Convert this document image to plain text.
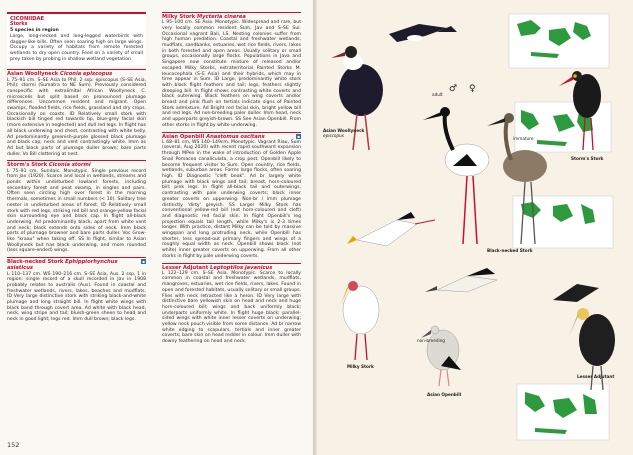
CICONIIDAE
Storks
5 species in region
Large, long-necked and long-legged waterbirds with dagger-like bills. Often seen soaring high on large wings. Occupy a variety of habitats from remote forested wetlands to dry open country. Feed on a variety of small prey taken by probing in shallow wetland vegetation.
Asian Woollyneck Ciconia episcopus
L 75–91 cm. S–SE Asia to Phil. 2 ssp: episcopus (S–SE Asia, Phil); stormi (Sumatra to NE Sum). Previously considered conspecific with extralimital African Woollyneck C. microscelis but split based on pronounced plumage differences. Uncommon resident and migrant. Open swamps, flooded fields, rice fields, grassland and dry crops. Occasionally on coasts. ID Relatively small stork with blackish bill tinged red towards tip, blue-grey facial skin (more extensive in neglected) and dull red legs. In flight has all black underwing and chest, contrasting with white belly. Ad predominantly greenish-purple glossed black plumage and black cap; neck and vent contrastingly white. Imm as Ad but black parts of plumage duller brown; bare parts duller. Vo Bill clattering at nest.
Storm's Stork Ciconia stormi
L 75–91 cm. Sundaic. Monotypic. Single previous record from Jav (1920). Scarce and local in wetlands, streams and ponds within undisturbed lowland forests, including secondary forest and peat swamp, in singles and pairs. Often seen circling high over forest in the morning thermals, sometimes in small numbers (< 10). Solitary tree nester in undisturbed areas of forest. ID Relatively small stork with red legs, striking red bill and orange-yellow facial skin surrounding eye and black cap. In flight all-black underwing. Ad predominantly black, apart from white vent and neck; black extends onto sides of neck. Imm black parts of plumage browner and bare parts duller. Voc Grow-like "kraau" when taking off. SS In flight, similar to Asian Woollyneck but has black underwing, and more rounded (less square-ended) wings.
Black-necked Stork Ephippiorhynchus asiaticus
▪
L 110–137 cm. WS 190–216 cm. S–SE Asia, Aus. 2 ssp, 1 in region: single record of a skull recorded in Jav in 1908 probably relates to australis (Aus). Found in coastal and freshwater wetlands, rivers, lakes, beaches and mudflats. ID Very large distinctive stork with striking black-and-white plumage and long straight bill. In flight white wings with black band through covert area. Ad white with black head, neck, wing stripe and tail; bluish-green sheen to head and neck in good light; legs red. Imm dull brown; black legs.
Milky Stork Mycteria cinerea
L 95–100 cm. SE Asia. Monotypic. Widespread and rare, but very locally common resident Sum, Jav and S–SE Sul. Occasional vagrant Bali, LS. Nesting colonies suffer from high human predation. Coastal and freshwater wetlands, mudflats, sandbanks, estuaries, wet rice fields, rivers, lakes in both forested and open areas. Usually solitary or small groups, occasionally large flocks. Populations in Java and Singapore now constitute mixture of released and/or escaped Milky Storks, extraterritorial Painted Storks M. leucocephala (S–E Asia) and their hybrids, which may in time appear in Sum. ID Large, predominantly white stork with black flight feathers and tail; legs, feathers slightly drooping bill. In flight shows contrasting white coverts and black outerwing. Black feathers on wing coverts and/or breast and pink flush on tertials indicate signs of Painted Stork admixture. Ad Bright red facial skin, bright yellow bill and red legs. Ad non-breeding paler duller. Imm head, neck and upperparts greyish-brown. SS See Asian Openbill. From other storks in flight by white underwing.
Asian Openbill Anastomus oscitans	▪
L 68–81 cm, WS 140–149cm. Monotypic. Vagrant Riau, Sum (several, Aug 2020) with recent rapid southward expansion through MPen in the wake of introduction of Golden Apple Snail Pomacea canaliculata, a crop pest. Openbill likely to become frequent visitor to Sum. Open country, rice fields, wetlands, suburban areas. Forms large flocks, often soaring high. ID Diagnostic "cleft beak". Ad br largely white plumage with black wings and tail; breast, horn-coloured bill; pink legs. In flight all-black tail and outerwings, contrasting with pale underwing coverts; black inner greater coverts on upperwing. Non-br / imm plumage distinctly 'dirty' greyish. SS Larger Milky Stork has conventional yellow-red bill (not horn-coloured and cleft) and diagnostic red facial skin. In flight Openbill's leg projection equals tail length, while Milky's is 2-3 times longer. With practice, distant Milky can be told by massive wingspan and long protruding neck, while Openbill has shorter, less spread-out primary fingers and wings of a roughly equal width as neck. Openbill shows black (not white) inner greater coverts on upperwing. From all other storks in flight by pale underwing coverts.
Lesser Adjutant Leptoptilos javanicus
L 122–129 cm. S–SE Asia. Monotypic. Scarce to locally common in coastal and freshwater wetlands, mudflats, mangroves, estuaries, wet rice fields, rivers, lakes. Found in open and forested habitats, usually solitary or small groups. Flies with neck retracted like a heron. ID Very large with distinctive bare yellowish skin on head and neck and huge horn-coloured bill; wings and back uniformly black; underparts uniformly white. In flight huge black; parallel-sided wings with white inner lesser coverts on underwing; yellow neck pouch visible from some distance. Ad br narrow white edging to scapulars, tertials and inner greater coverts; bare skin on head redder in colour. Imm duller with downy feathering on head and neck.
152
Asian Woollyneck
episcopus
Storm's Stork
adult
♂ ♀
immature
Black-necked Stork
Milky Stork
non-breeding
Asian Openbill
Lesser Adjutant
